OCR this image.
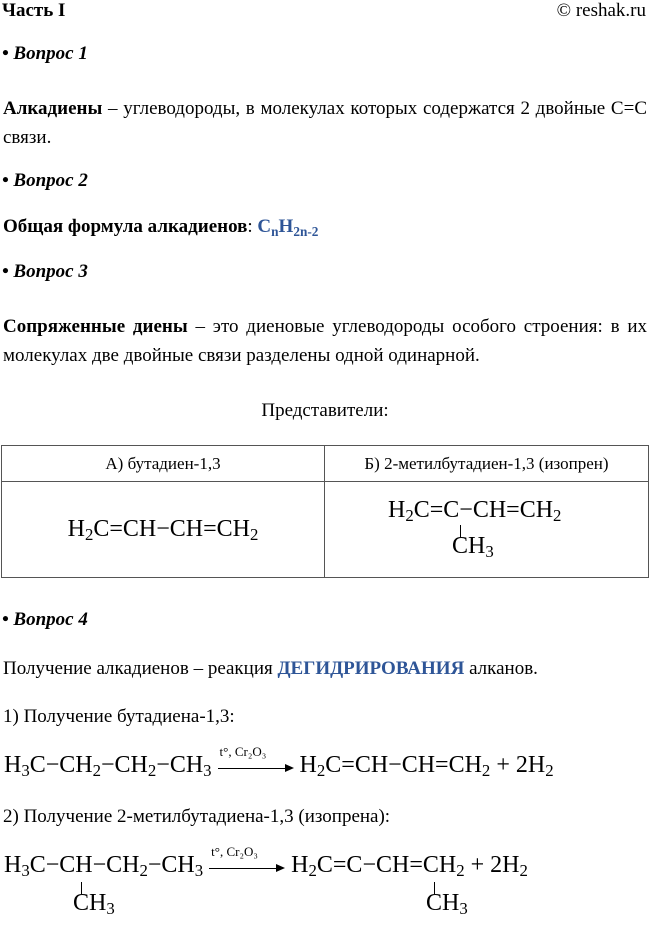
Часть I	© reshak.ru
• Вопрос 1
Алкадиены – углеводороды, в молекулах которых содержатся 2 двойные С=С связи.
• Вопрос 2
Общая формула алкадиенов: $C_nH_{2n-2}$
• Вопрос 3
Сопряженные диены – это диеновые углеводороды особого строения: в их молекулах две двойные связи разделены одной одинарной.
Представители:
А) бутадиен-1,3	Б) 2-метилбутадиен-1,3 (изопрен)
$H_2C=CH-CH=CH_2$	$H_2C=C-CH=CH_2$
$CH_3$
• Вопрос 4
Получение алкадиенов – реакция ДЕГИДРИРОВАНИЯ алканов.
1) Получение бутадиена-1,3:
$H_3C-CH_2-CH_2-CH_3$
t°, Cr₂O₃
$H_2C=CH-CH=CH_2 + 2H_2$
2) Получение 2-метилбутадиена-1,3 (изопрена):
$H_3C-CH-CH_2-CH_3$
t°, Cr₂O₃
$H_2C=C-CH=CH_2 + 2H_2$
$CH_3$	$CH_3$
